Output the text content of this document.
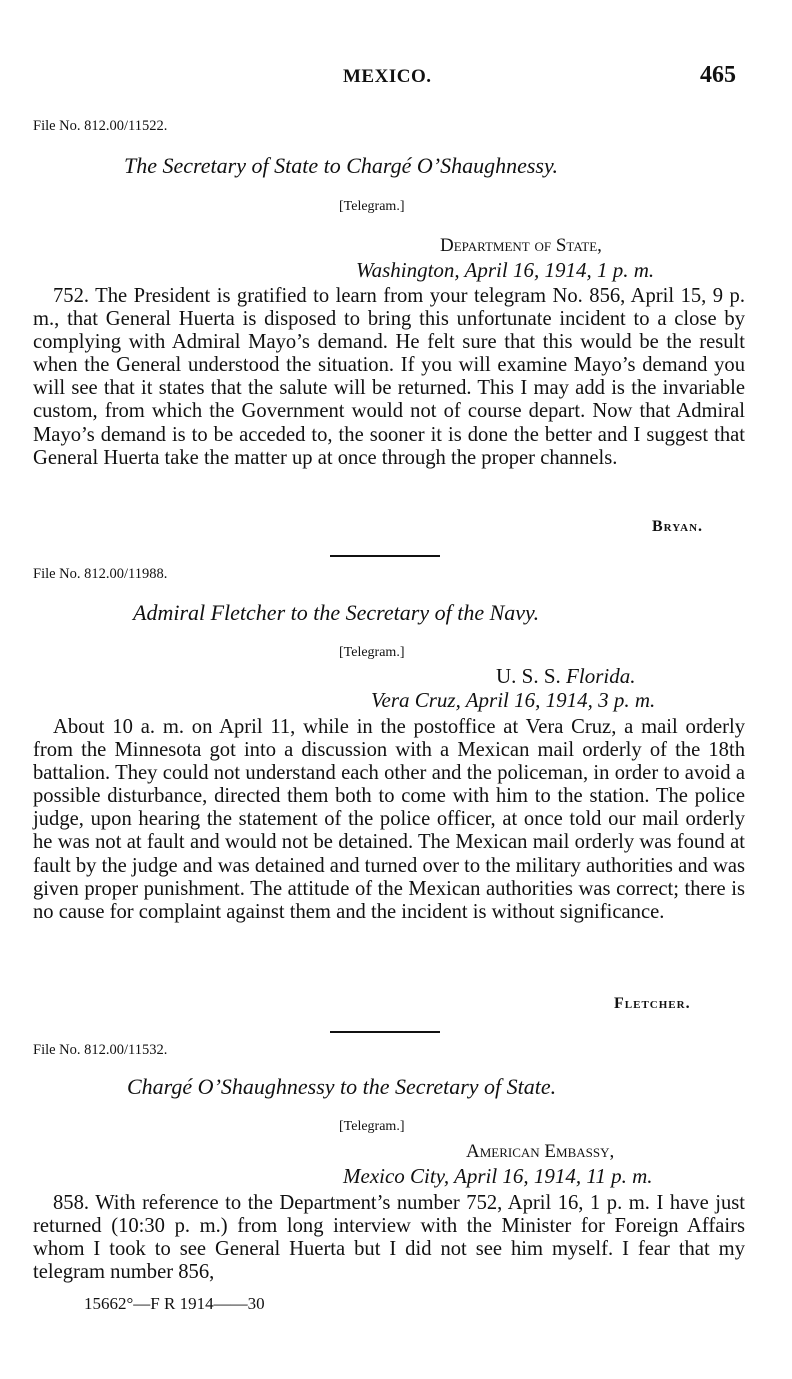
MEXICO.	465
File No. 812.00/11522.
The Secretary of State to Chargé O’Shaughnessy.
[Telegram.]
Department of State,
Washington, April 16, 1914, 1 p. m.

752. The President is gratified to learn from your telegram No. 856, April 15, 9 p. m., that General Huerta is disposed to bring this unfortunate incident to a close by complying with Admiral Mayo’s demand. He felt sure that this would be the result when the General understood the situation. If you will examine Mayo’s demand you will see that it states that the salute will be returned. This I may add is the invariable custom, from which the Government would not of course depart. Now that Admiral Mayo’s demand is to be acceded to, the sooner it is done the better and I suggest that General Huerta take the matter up at once through the proper channels.

Bryan.
File No. 812.00/11988.
Admiral Fletcher to the Secretary of the Navy.
[Telegram.]
U. S. S. Florida.
Vera Cruz, April 16, 1914, 3 p. m.

About 10 a. m. on April 11, while in the postoffice at Vera Cruz, a mail orderly from the Minnesota got into a discussion with a Mexican mail orderly of the 18th battalion. They could not understand each other and the policeman, in order to avoid a possible disturbance, directed them both to come with him to the station. The police judge, upon hearing the statement of the police officer, at once told our mail orderly he was not at fault and would not be detained. The Mexican mail orderly was found at fault by the judge and was detained and turned over to the military authorities and was given proper punishment. The attitude of the Mexican authorities was correct; there is no cause for complaint against them and the incident is without significance.

Fletcher.
File No. 812.00/11532.
Chargé O’Shaughnessy to the Secretary of State.
[Telegram.]
American Embassy,
Mexico City, April 16, 1914, 11 p. m.

858. With reference to the Department’s number 752, April 16, 1 p. m. I have just returned (10:30 p. m.) from long interview with the Minister for Foreign Affairs whom I took to see General Huerta but I did not see him myself. I fear that my telegram number 856,

15662°—F R 1914——30
